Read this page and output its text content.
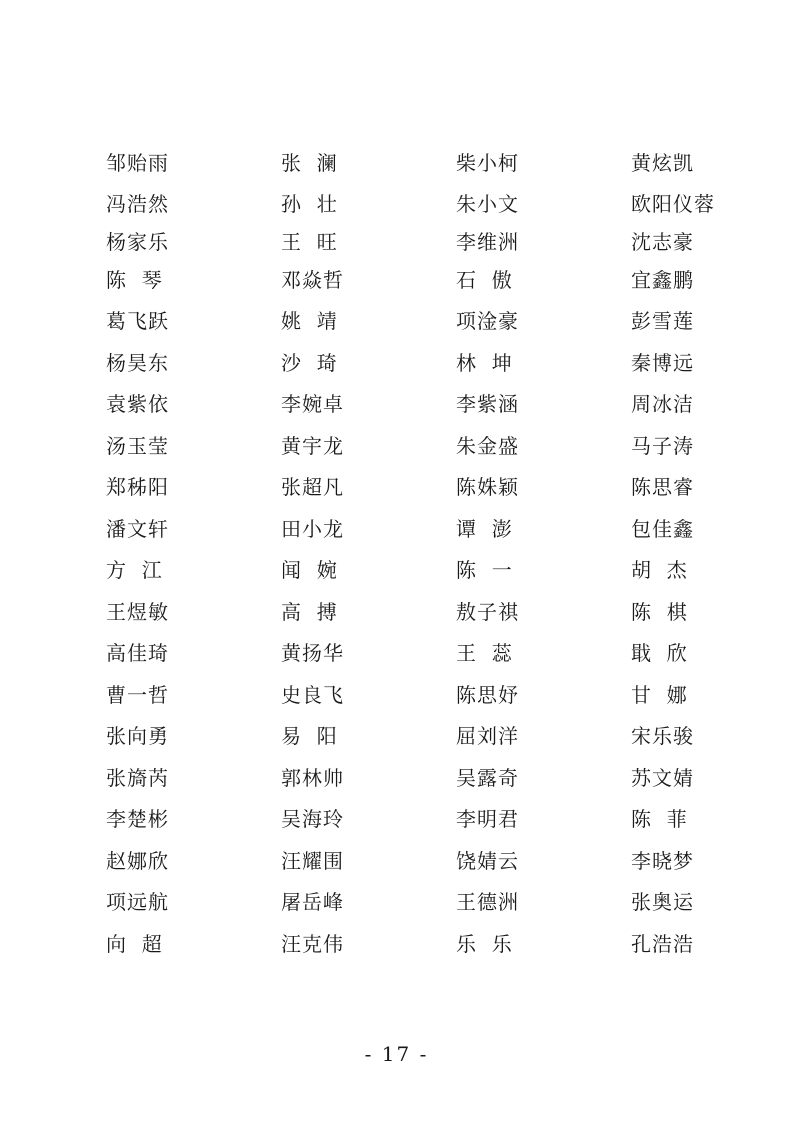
邹贻雨	张  澜	柴小柯	黄炫凯
冯浩然	孙  壮	朱小文	欧阳仪蓉
杨家乐	王  旺	李维洲	沈志豪
陈  琴	邓焱哲	石  傲	宜鑫鹏
葛飞跃	姚  靖	项淦豪	彭雪莲
杨昊东	沙  琦	林  坤	秦博远
袁紫依	李婉卓	李紫涵	周冰洁
汤玉莹	黄宇龙	朱金盛	马子涛
郑秭阳	张超凡	陈姝颖	陈思睿
潘文轩	田小龙	谭  澎	包佳鑫
方  江	闻  婉	陈  一	胡  杰
王煜敏	高  搏	敖子祺	陈  棋
高佳琦	黄扬华	王  蕊	戢  欣
曹一哲	史良飞	陈思妤	甘  娜
张向勇	易  阳	屈刘洋	宋乐骏
张旖芮	郭林帅	吴露奇	苏文婧
李楚彬	吴海玲	李明君	陈  菲
赵娜欣	汪耀围	饶婧云	李晓梦
项远航	屠岳峰	王德洲	张奥运
向  超	汪克伟	乐  乐	孔浩浩
- 17 -
